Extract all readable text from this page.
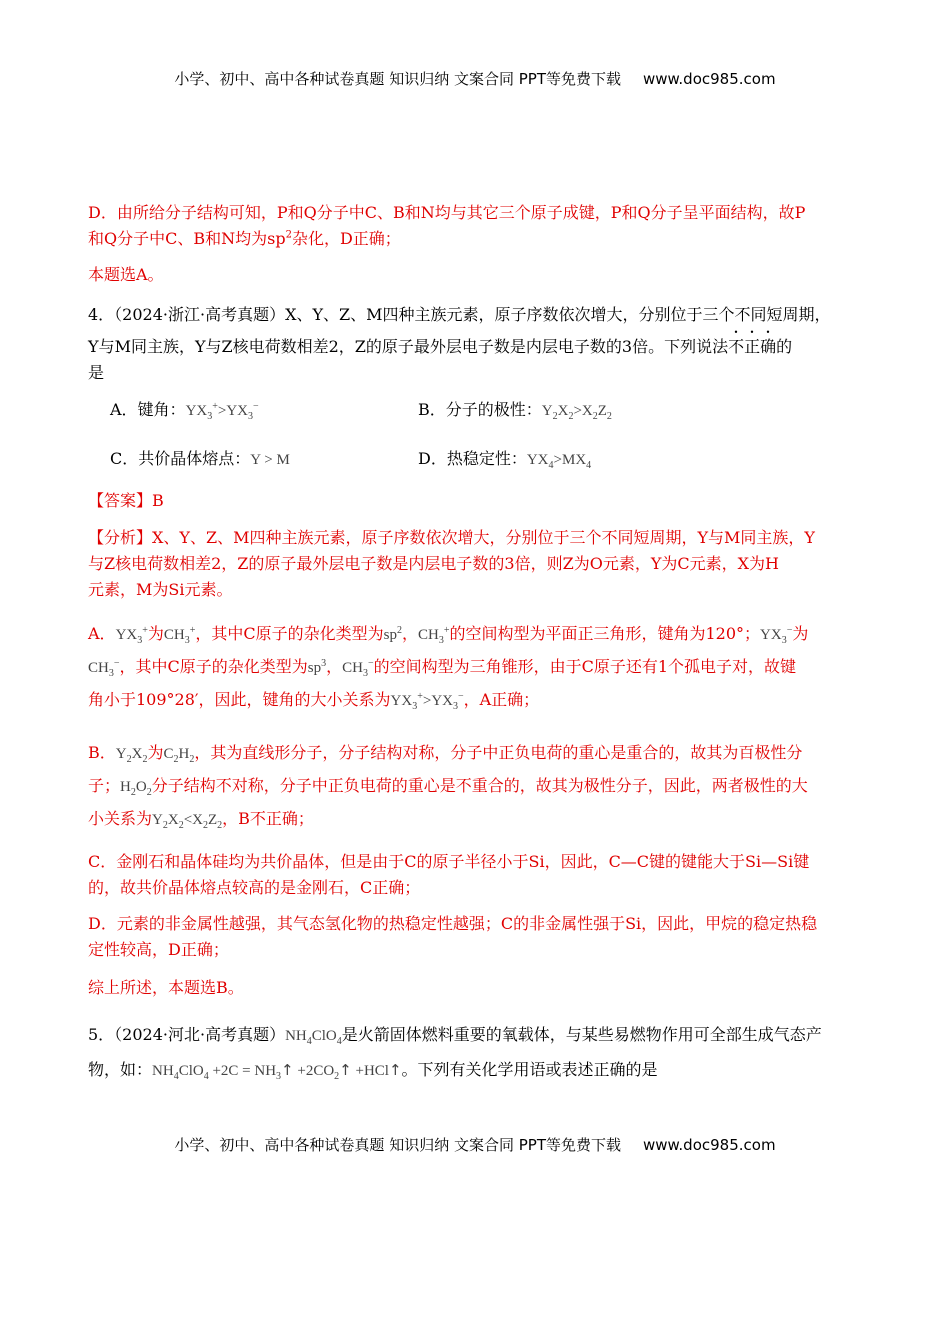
小学、初中、高中各种试卷真题 知识归纳 文案合同 PPT等免费下载 www.doc985.com
D．由所给分子结构可知，P和Q分子中C、B和N均与其它三个原子成键，P和Q分子呈平面结构，故P
和Q分子中C、B和N均为$sp^2$杂化，D正确；
本题选A。
4．（2024·浙江·高考真题）X、Y、Z、M四种主族元素，原子序数依次增大，分别位于三个不同短周期，
Y与M同主族，Y与Z核电荷数相差2，Z的原子最外层电子数是内层电子数的3倍。下列说法不正确的
是
A．键角：$YX_3^+>YX_3^-$	B．分子的极性：$Y_2X_2>X_2Z_2$
C．共价晶体熔点：Y > M	D．热稳定性：$YX_4>MX_4$
【答案】B
【分析】X、Y、Z、M四种主族元素，原子序数依次增大，分别位于三个不同短周期，Y与M同主族，Y
与Z核电荷数相差2，Z的原子最外层电子数是内层电子数的3倍，则Z为O元素，Y为C元素，X为H
元素，M为Si元素。
A．$YX_3^+$为$CH_3^+$，其中C原子的杂化类型为$sp^2$，$CH_3^+$的空间构型为平面正三角形，键角为120°；$YX_3^-$为
$CH_3^-$，其中C原子的杂化类型为$sp^3$，$CH_3^-$的空间构型为三角锥形，由于C原子还有1个孤电子对，故键
角小于109°28′，因此，键角的大小关系为$YX_3^+>YX_3^-$，A正确；
B．$Y_2X_2$为$C_2H_2$，其为直线形分子，分子结构对称，分子中正负电荷的重心是重合的，故其为百极性分
子；$H_2O_2$分子结构不对称，分子中正负电荷的重心是不重合的，故其为极性分子，因此，两者极性的大
小关系为$Y_2X_2<X_2Z_2$，B不正确；
C．金刚石和晶体硅均为共价晶体，但是由于C的原子半径小于Si，因此，C—C键的键能大于Si—Si键
的，故共价晶体熔点较高的是金刚石，C正确；
D．元素的非金属性越强，其气态氢化物的热稳定性越强；C的非金属性强于Si，因此，甲烷的稳定热稳
定性较高，D正确；
综上所述，本题选B。
5．（2024·河北·高考真题）$NH_4ClO_4$是火箭固体燃料重要的氧载体，与某些易燃物作用可全部生成气态产
物，如：$NH_4ClO_4 +2C$ = $NH_3↑$ $+2CO_2↑$ +HCl↑。下列有关化学用语或表述正确的是
小学、初中、高中各种试卷真题 知识归纳 文案合同 PPT等免费下载 www.doc985.com
